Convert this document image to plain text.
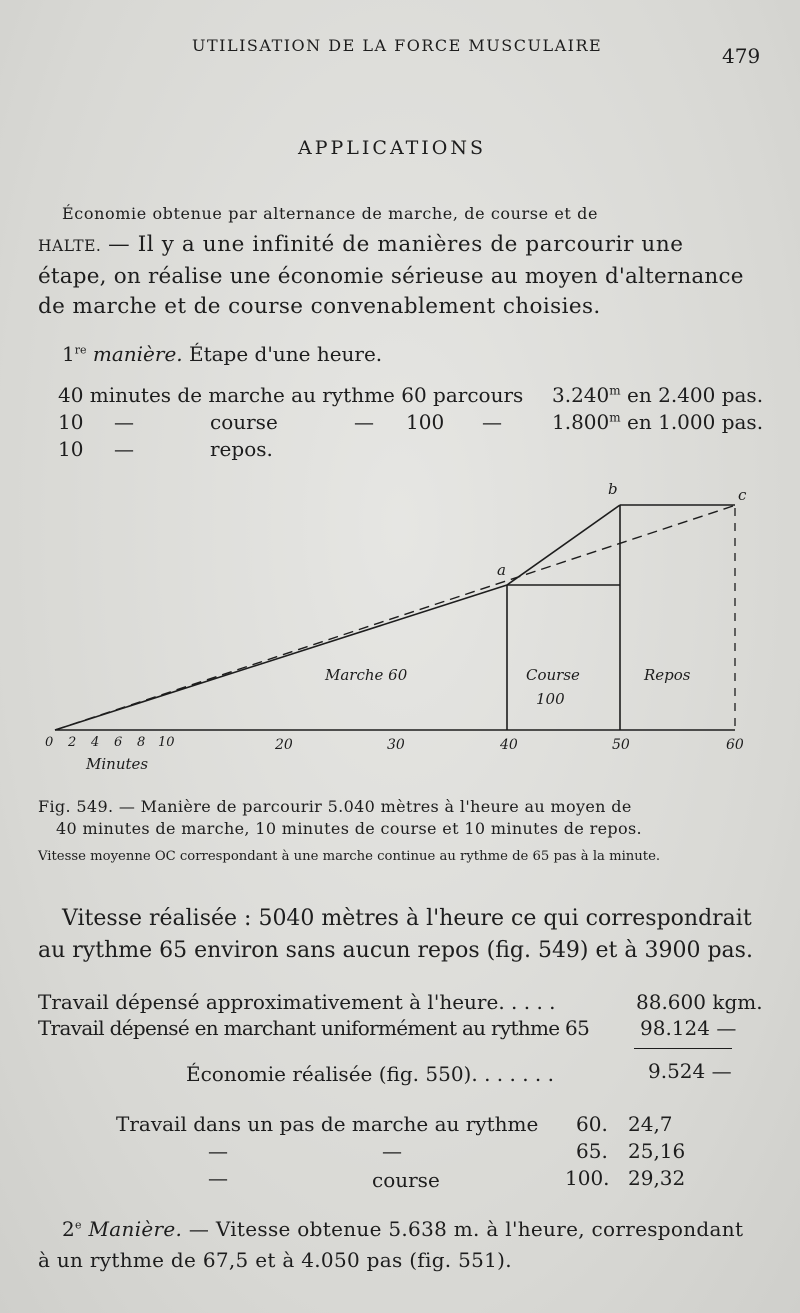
UTILISATION DE LA FORCE MUSCULAIRE	479
APPLICATIONS
Économie obtenue par alternance de marche, de course et de
HALTE. — Il y a une infinité de manières de parcourir une
étape, on réalise une économie sérieuse au moyen d'alternance
de marche et de course convenablement choisies.
1re manière. Étape d'une heure.
40 minutes de marche au rythme 60 parcours 3.240$^m$ en 2.400 pas.
10 —	course	— 100 —	1.800$^m$ en 1.000 pas.
10 —	repos.
a
b	c
Marche 60	Course
100
Repos
0 2 4 6 8 10	20	30	40	50	60
Minutes
Fig. 549. — Manière de parcourir 5.040 mètres à l'heure au moyen de
40 minutes de marche, 10 minutes de course et 10 minutes de repos.
Vitesse moyenne OC correspondant à une marche continue au rythme de 65 pas à la minute.
Vitesse réalisée : 5040 mètres à l'heure ce qui correspondrait
au rythme 65 environ sans aucun repos (fig. 549) et à 3900 pas.
Travail dépensé approximativement à l'heure. . . . .	88.600 kgm.
Travail dépensé en marchant uniformément au rythme 65	98.124 —
Économie réalisée (fig. 550). . . . . . .	9.524 —
Travail dans un pas de marche au rythme 60. 24,7
—	—	65. 25,16
—	course	100. 29,32
2e Manière. — Vitesse obtenue 5.638 m. à l'heure, correspondant
à un rythme de 67,5 et à 4.050 pas (fig. 551).
